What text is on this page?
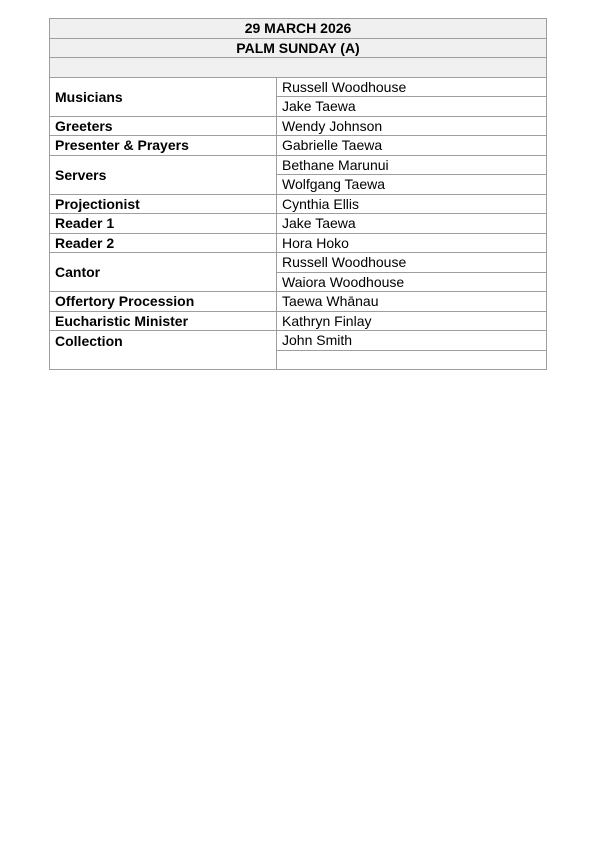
29 MARCH 2026	
PALM SUNDAY (A)	

Musicians	Russell Woodhouse
	Jake Taewa
Greeters	Wendy Johnson
Presenter & Prayers	Gabrielle Taewa
Servers	Bethane Marunui
	Wolfgang Taewa
Projectionist	Cynthia Ellis
Reader 1	Jake Taewa
Reader 2	Hora Hoko
Cantor	Russell Woodhouse
	Waiora Woodhouse
Offertory Procession	Taewa Whānau
Eucharistic Minister	Kathryn Finlay
Collection	John Smith
